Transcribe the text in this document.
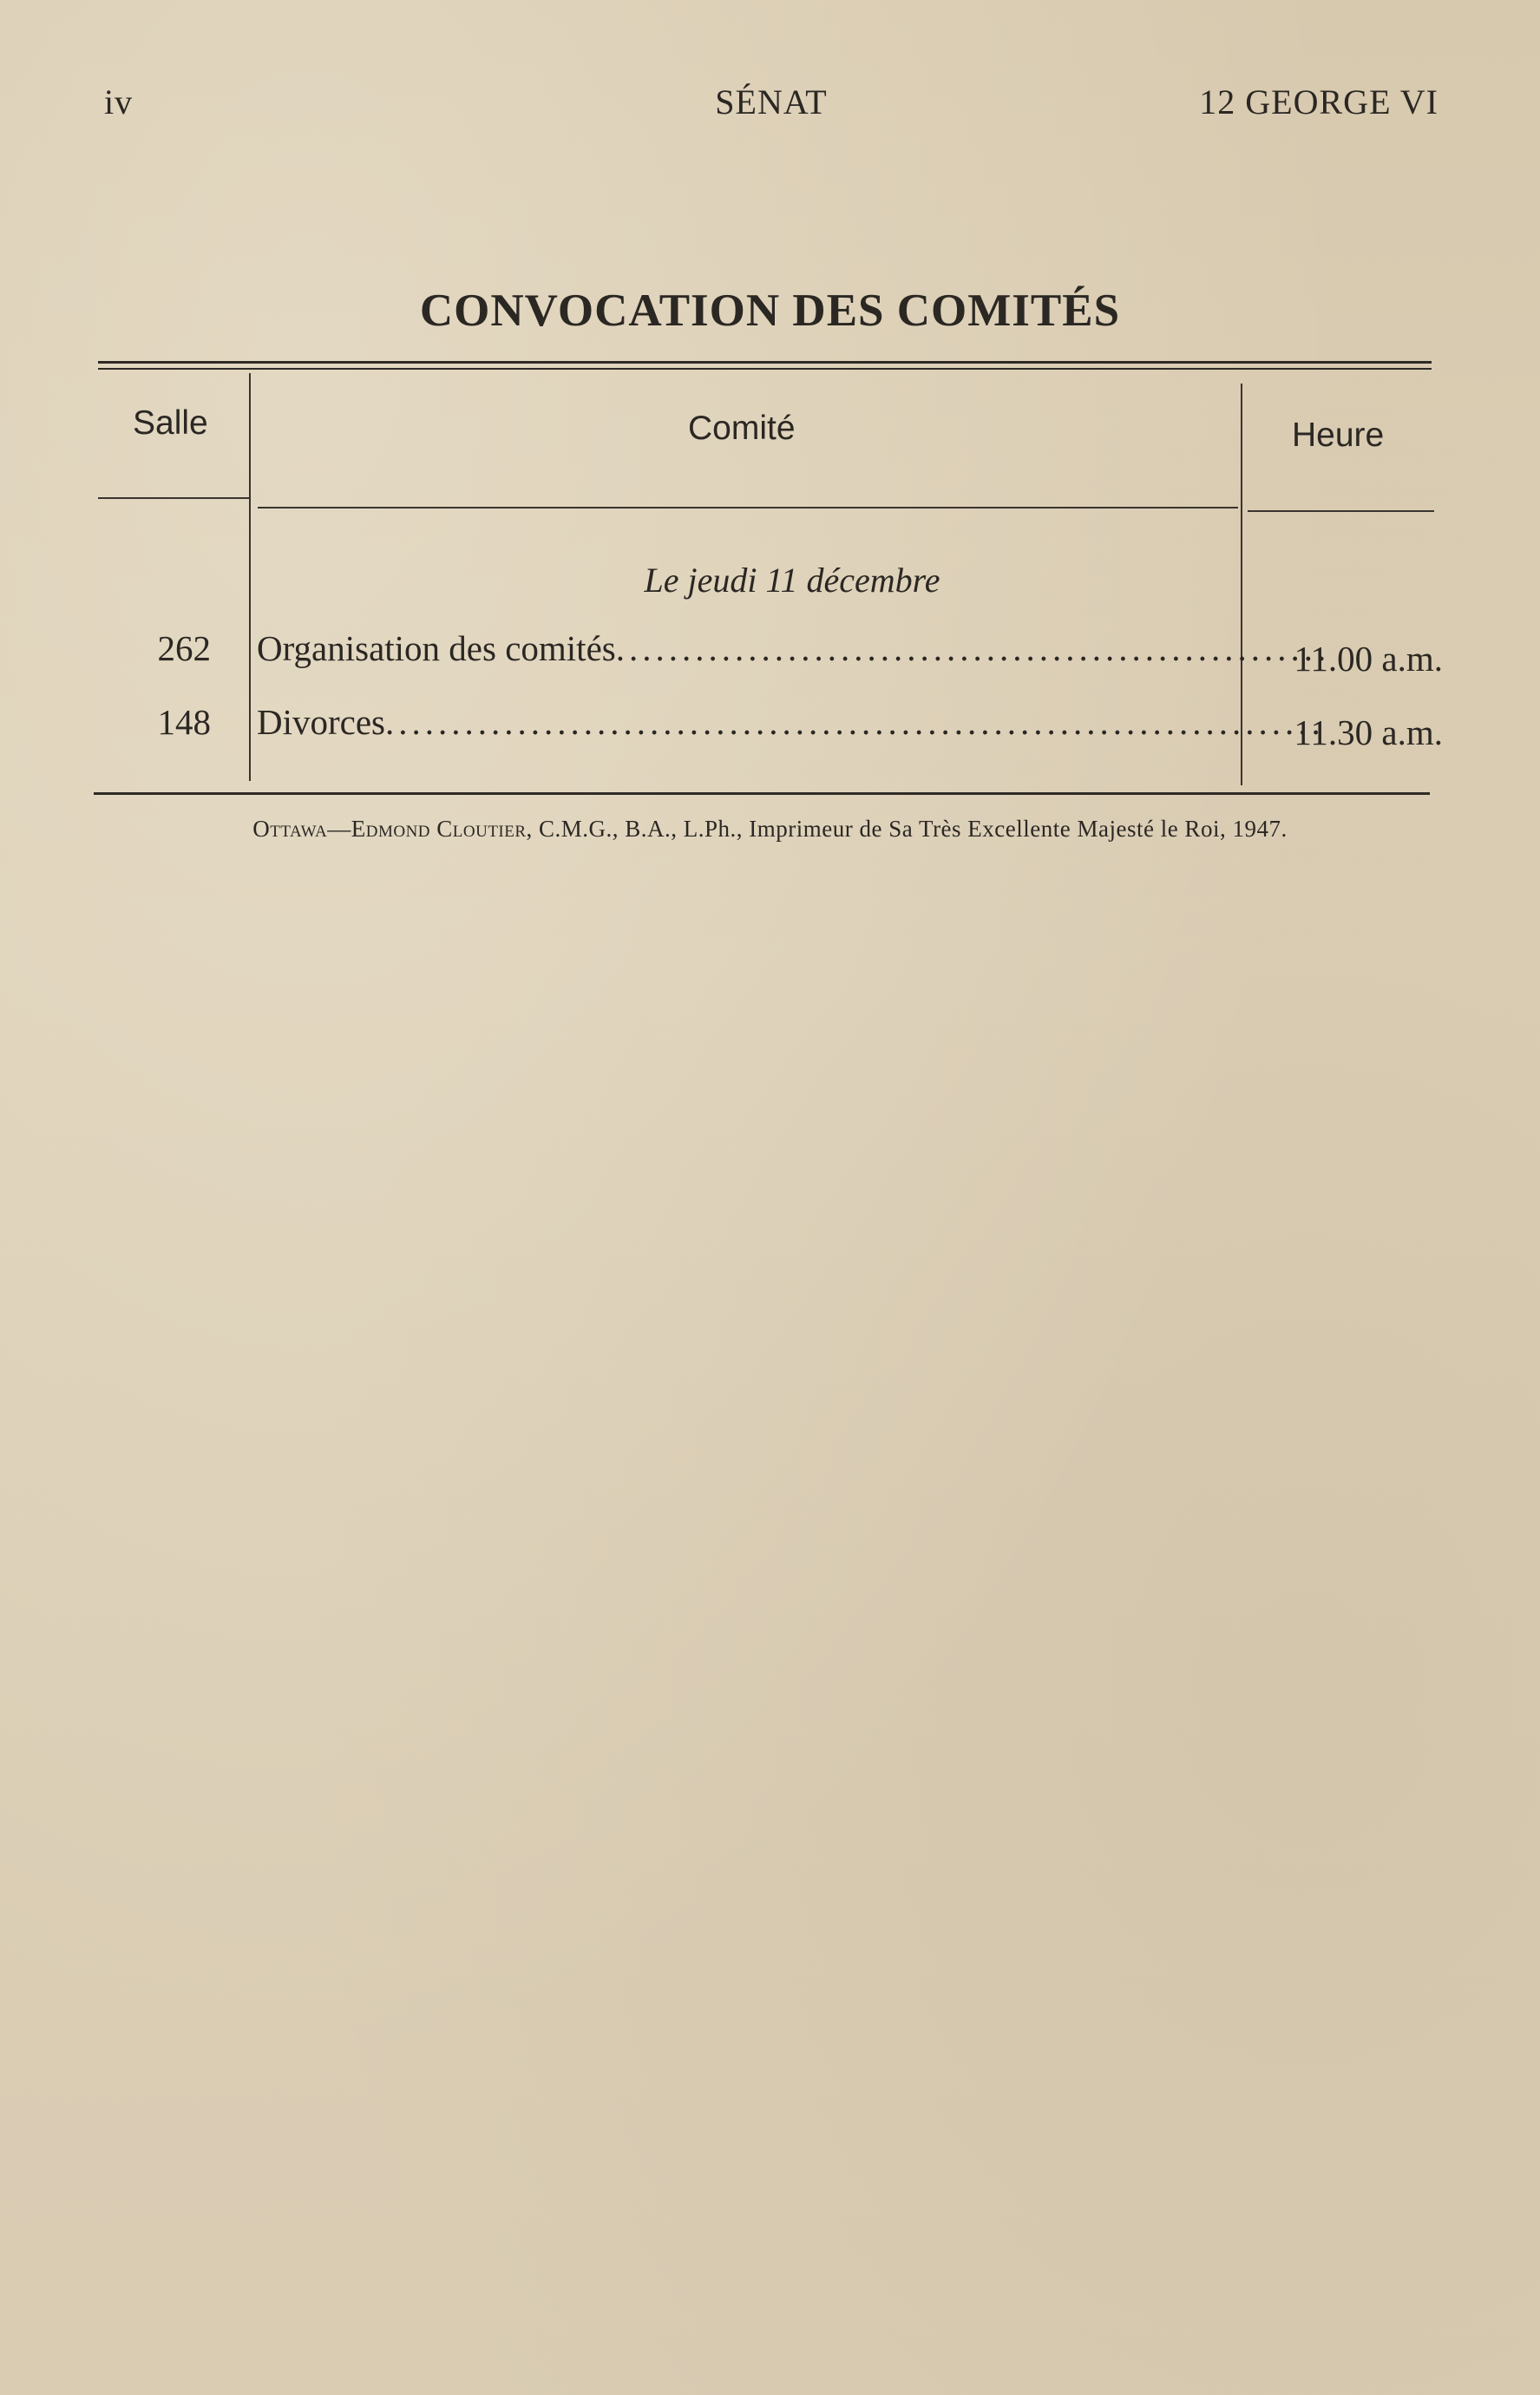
iv	SÉNAT	12 GEORGE VI
CONVOCATION DES COMITÉS
Salle	Comité	Heure
Le jeudi 11 décembre
262 Organisation des comités .....	11.00 a.m.
148 Divorces .....	11.30 a.m.
Ottawa—Edmond Cloutier, C.M.G., B.A., L.Ph., Imprimeur de Sa Très Excellente Majesté le Roi, 1947.
